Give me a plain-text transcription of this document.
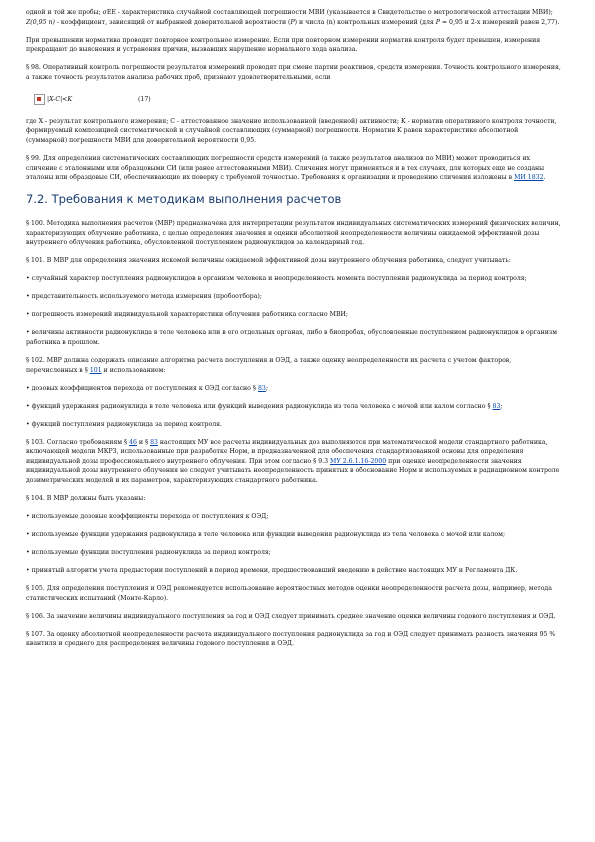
одной и той же пробы; σЕЕ - характеристика случайной составляющей погрешности МВИ (указывается в Свидетельстве о метрологической аттестации МВИ); Z(0,95 n) - коэффициент, зависящий от выбранной доверительной вероятности (P) и числа (n) контрольных измерений (для P = 0,95 и 2-х измерений равен 2,77).

При превышении норматива проводят повторное контрольное измерение. Если при повторном измерении норматив контроля будет превышен, измерения прекращают до выяснения и устранения причин, вызвавших нарушение нормального хода анализа.

§ 98. Оперативный контроль погрешности результатов измерений проводят при смене партии реактивов, средств измерения. Точность контрольного измерения, а также точность результатов анализа рабочих проб, признают удовлетворительными, если

|X-C|<K	(17)

где X - результат контрольного измерения; C - аттестованное значение использованной (введенной) активности; K - норматив оперативного контроля точности, формируемый композицией систематической и случайной составляющих (суммарной) погрешности. Норматив K равен характеристике абсолютной (суммарной) погрешности МВИ для доверительной вероятности 0,95.

§ 99. Для определения систематических составляющих погрешности средств измерений (а также результатов анализов по МВИ) может проводиться их сличение с эталонными или образцовыми СИ (или ранее аттестованными МВИ). Сличения могут применяться и в тех случаях, для которых еще не созданы эталоны или образцовые СИ, обеспечивающие их поверку с требуемой точностью. Требования к организации и проведению сличения изложены в МИ 1832.

7.2. Требования к методикам выполнения расчетов

§ 100. Методика выполнения расчетов (МВР) предназначена для интерпретации результатов индивидуальных систематических измерений физических величин, характеризующих облучение работника, с целью определения значения и оценки абсолютной неопределенности величины ожидаемой эффективной дозы внутреннего облучения работника, обусловленной поступлением радионуклидов за календарный год.

§ 101. В МВР для определения значения искомой величины ожидаемой эффективной дозы внутреннего облучения работника, следует учитывать:

• случайный характер поступления радионуклидов в организм человека и неопределенность момента поступления радионуклида за период контроля;

• представительность используемого метода измерения (пробоотбора);

• погрешность измерений индивидуальной характеристики облучения работника согласно МВИ;

• величины активности радионуклида в теле человека или в его отдельных органах, либо в биопробах, обусловленные поступлением радионуклидов в организм работника в прошлом.

§ 102. МВР должна содержать описание алгоритма расчета поступления и ОЭД, а также оценку неопределенности их расчета с учетом факторов, перечисленных в § 101 и использованием:

• дозовых коэффициентов перехода от поступления к ОЭД согласно § 83;

• функций удержания радионуклида в теле человека или функций выведения радионуклида из тела человека с мочой или калом согласно § 83;

• функций поступления радионуклида за период контроля.

§ 103. Согласно требованиям § 46 и § 83 настоящих МУ все расчеты индивидуальных доз выполняются при математической модели стандартного работника, включающей модели МКРЗ, использованные при разработке Норм, и предназначенной для обеспечения стандартизованной основы для определения индивидуальной дозы профессионального внутреннего облучения. При этом согласно § 9.3 МУ 2.6.1.16-2000 при оценке неопределенности значения индивидуальной дозы внутреннего облучения не следует учитывать неопределенность принятых в обоснование Норм и используемых в радиационном контроле дозиметрических моделей и их параметров, характеризующих стандартного работника.

§ 104. В МВР должны быть указаны:

• используемые дозовые коэффициенты перехода от поступления к ОЭД;

• используемые функции удержания радионуклида в теле человека или функции выведения радионуклида из тела человека с мочой или калом;

• используемые функции поступления радионуклида за период контроля;

• принятый алгоритм учета предыстории поступлений в период времени, предшествовавший введению в действие настоящих МУ и Регламента ДК.

§ 105. Для определения поступления и ОЭД рекомендуется использование вероятностных методов оценки неопределенности расчета дозы, например, метода статистических испытаний (Монте-Карло).

§ 106. За значение величины индивидуального поступления за год и ОЭД следует принимать среднее значение оценки величины годового поступления и ОЭД.

§ 107. За оценку абсолютной неопределенности расчета индивидуального поступления радионуклида за год и ОЭД следует принимать разность значения 95 % квантиля и среднего для распределения величины годового поступления и ОЭД.
